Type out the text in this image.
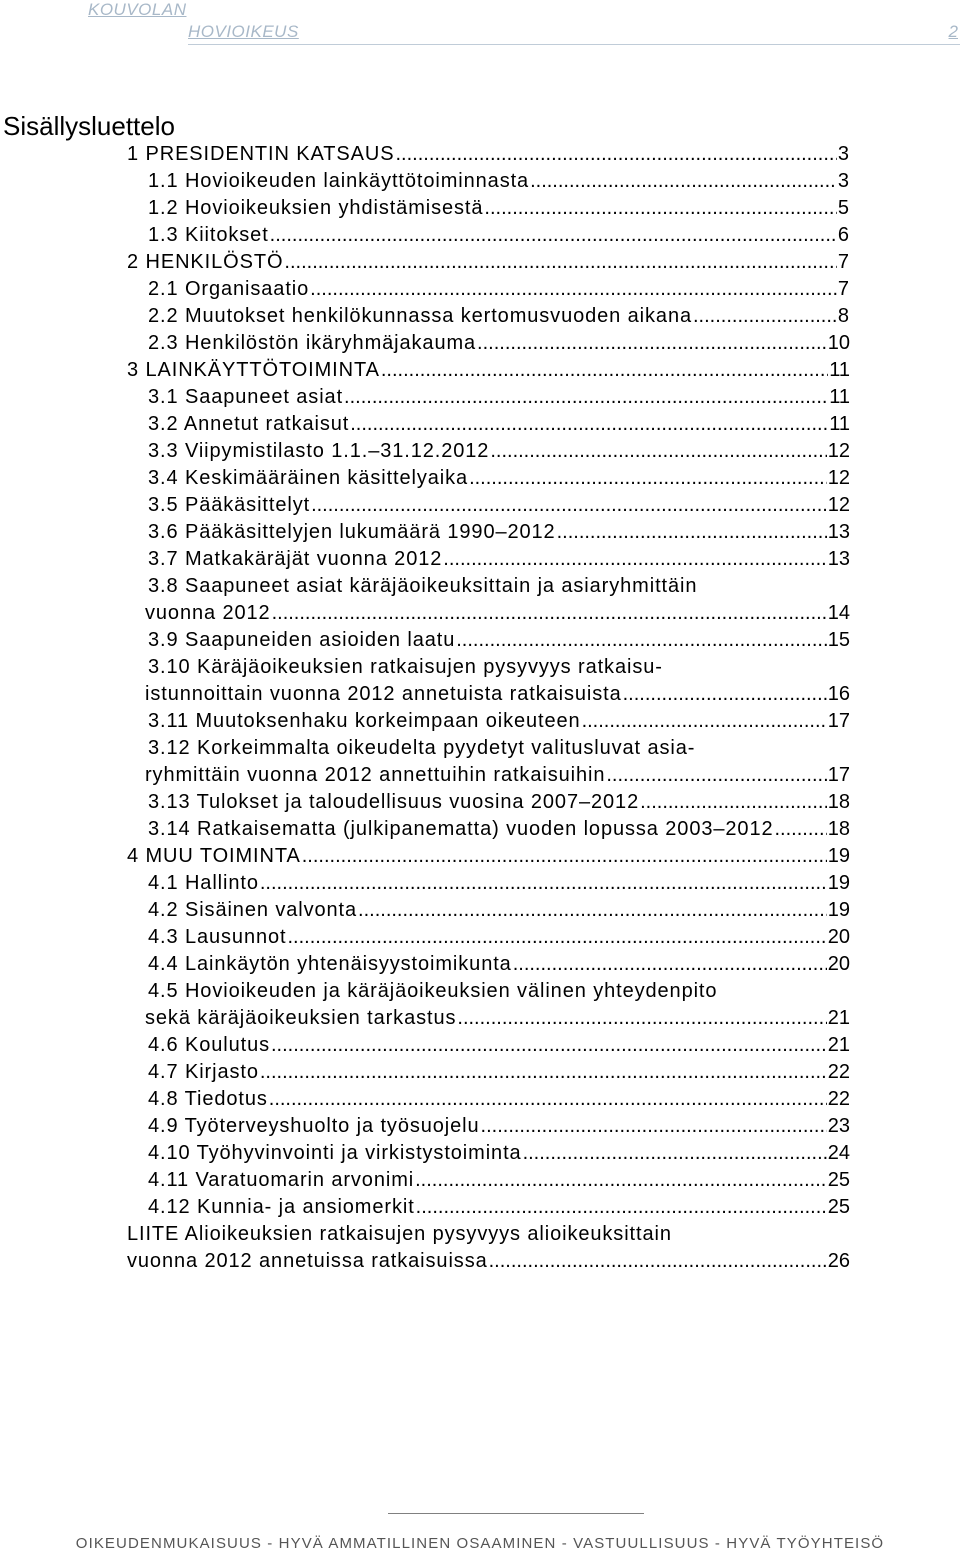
KOUVOLAN
HOVIOIKEUS	2
Sisällysluettelo
1 PRESIDENTIN KATSAUS .....	3
1.1 Hovioikeuden lainkäyttötoiminnasta .....	3
1.2 Hovioikeuksien yhdistämisestä .....	5
1.3 Kiitokset .....	6
2 HENKILÖSTÖ .....	7
2.1 Organisaatio .....	7
2.2 Muutokset henkilökunnassa kertomusvuoden aikana .....	8
2.3 Henkilöstön ikäryhmäjakauma .....	10
3 LAINKÄYTTÖTOIMINTA .....	11
3.1 Saapuneet asiat .....	11
3.2 Annetut ratkaisut .....	11
3.3 Viipymistilasto 1.1.–31.12.2012 .....	12
3.4 Keskimääräinen käsittelyaika .....	12
3.5 Pääkäsittelyt .....	12
3.6 Pääkäsittelyjen lukumäärä 1990–2012 .....	13
3.7 Matkakäräjät vuonna 2012 .....	13
3.8 Saapuneet asiat käräjäoikeuksittain ja asiaryhmittäin
vuonna 2012 .....	14
3.9 Saapuneiden asioiden laatu .....	15
3.10 Käräjäoikeuksien ratkaisujen pysyvyys ratkaisu-
istunnoittain vuonna 2012 annetuista ratkaisuista .....	16
3.11 Muutoksenhaku korkeimpaan oikeuteen .....	17
3.12 Korkeimmalta oikeudelta pyydetyt valitusluvat asia-
ryhmittäin vuonna 2012 annettuihin ratkaisuihin .....	17
3.13 Tulokset ja taloudellisuus vuosina 2007–2012 .....	18
3.14 Ratkaisematta (julkipanematta) vuoden lopussa 2003–2012 .....	18
4 MUU TOIMINTA .....	19
4.1 Hallinto .....	19
4.2 Sisäinen valvonta .....	19
4.3 Lausunnot .....	20
4.4 Lainkäytön yhtenäisyystoimikunta .....	20
4.5 Hovioikeuden ja käräjäoikeuksien välinen yhteydenpito
sekä käräjäoikeuksien tarkastus .....	21
4.6 Koulutus .....	21
4.7 Kirjasto .....	22
4.8 Tiedotus .....	22
4.9 Työterveyshuolto ja työsuojelu .....	23
4.10 Työhyvinvointi ja virkistystoiminta .....	24
4.11 Varatuomarin arvonimi .....	25
4.12 Kunnia- ja ansiomerkit .....	25
LIITE Alioikeuksien ratkaisujen pysyvyys alioikeuksittain
vuonna 2012 annetuissa ratkaisuissa .....	26
OIKEUDENMUKAISUUS - HYVÄ AMMATILLINEN OSAAMINEN - VASTUULLISUUS - HYVÄ TYÖYHTEISÖ
